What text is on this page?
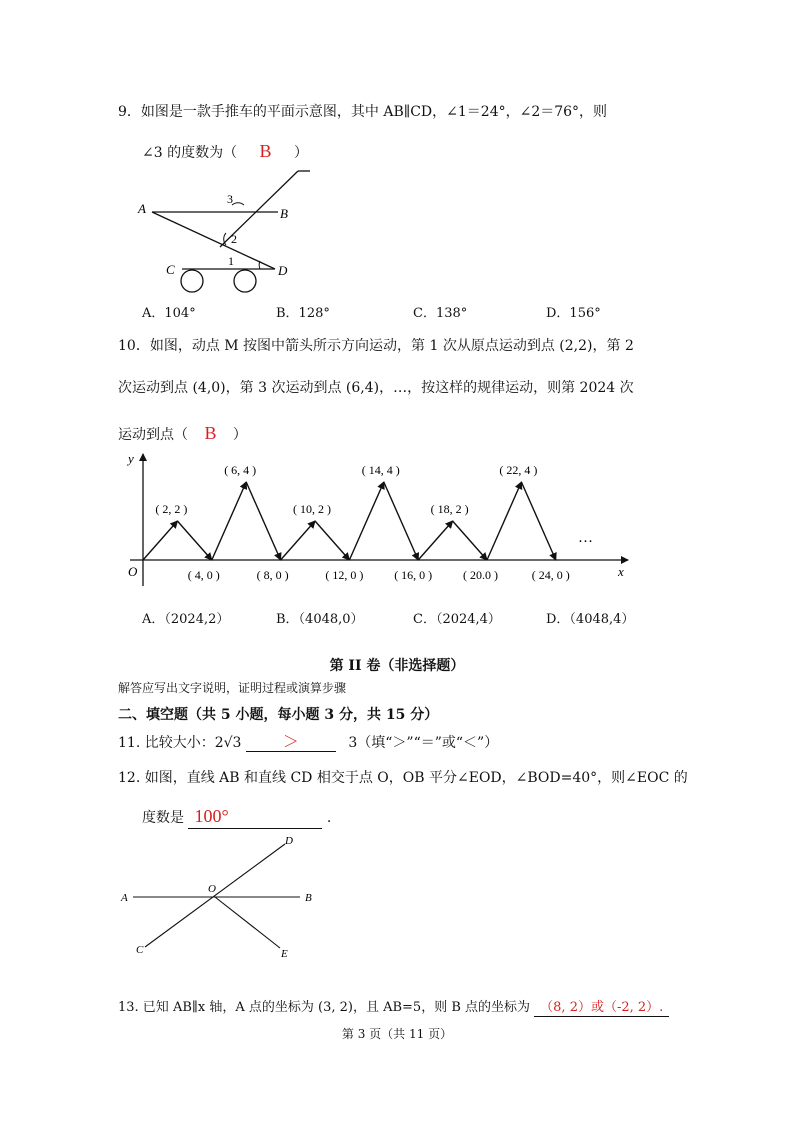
9．如图是一款手推车的平面示意图，其中 AB∥CD，∠1＝24°，∠2＝76°，则
∠3 的度数为（ B ）
A	B
C	D
3
2
1
A．104°	B．128°	C．138°	D．156°
10．如图，动点 M 按图中箭头所示方向运动，第 1 次从原点运动到点 (2,2)，第 2
次运动到点 (4,0)，第 3 次运动到点 (6,4)，…，按这样的规律运动，则第 2024 次
运动到点（ B ）
y
x
O
( 2, 2 )
( 6, 4 )
( 10, 2 )
( 14, 4 )
( 18, 2 )
( 22, 4 )
( 4, 0 )	( 8, 0 )	( 12, 0 )	( 16, 0 )	( 20.0 )	( 24, 0 )
…
A．（2024,2）	B．（4048,0）	C．（2024,4）	D．（4048,4）
第 II 卷（非选择题）
解答应写出文字说明，证明过程或演算步骤
二、填空题（共 5 小题，每小题 3 分，共 15 分）
11. 比较大小：2√3	＞	3（填“＞”“＝”或“＜”）
12. 如图，直线 AB 和直线 CD 相交于点 O，OB 平分∠EOD，∠BOD=40°，则∠EOC 的
度数是 100°	.
A	B
C
D
E
O
13. 已知 AB∥x 轴，A 点的坐标为 (3, 2)，且 AB=5，则 B 点的坐标为 （8, 2）或（-2, 2）.
第 3 页（共 11 页）
